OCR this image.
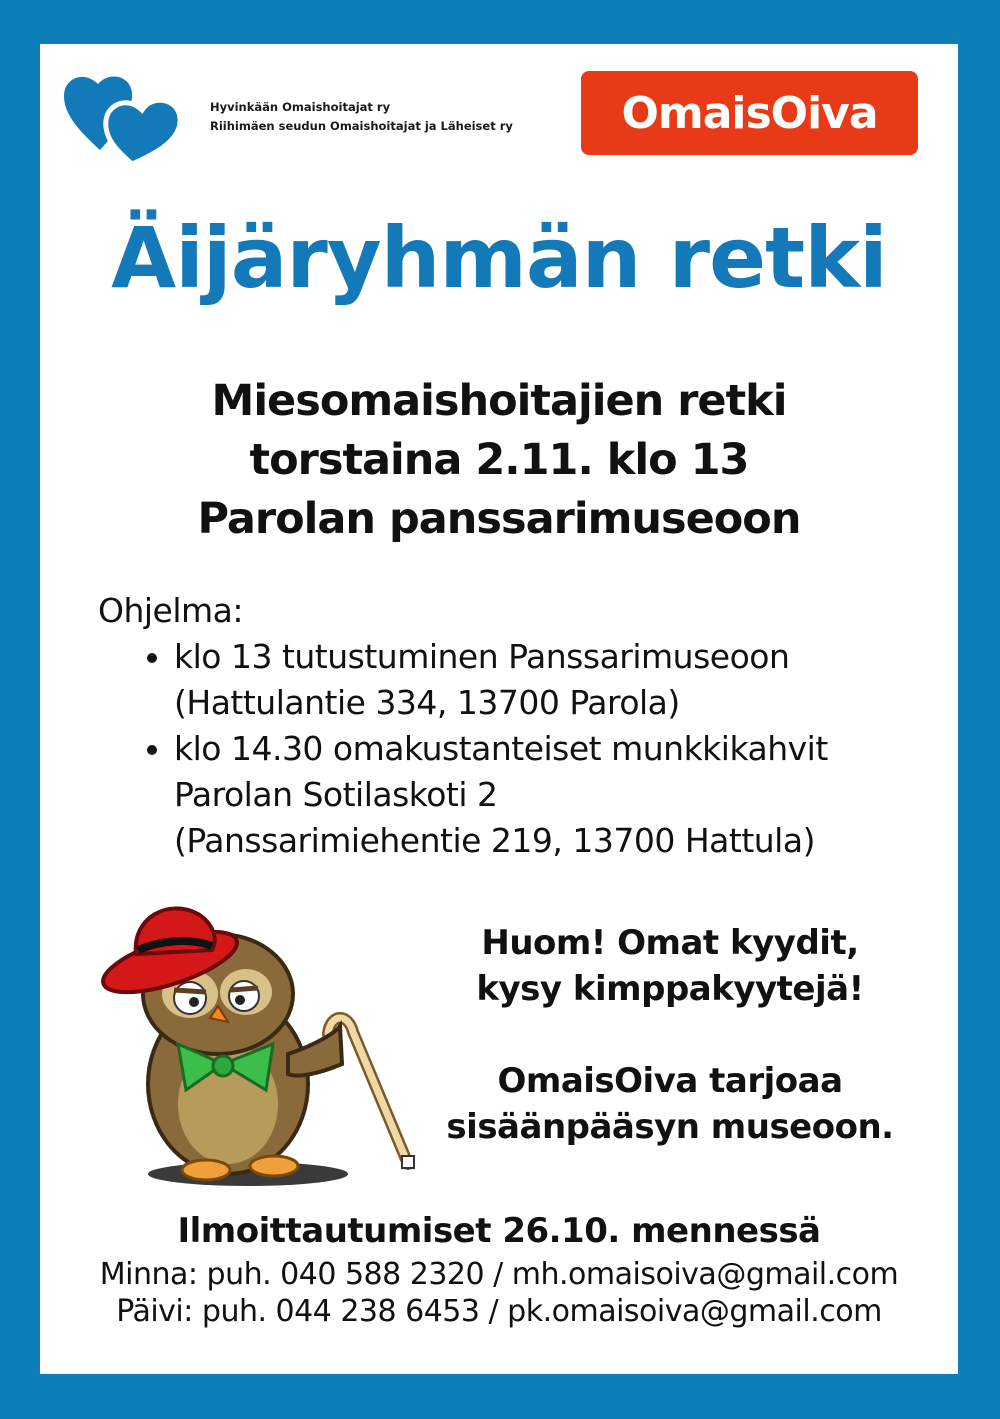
Hyvinkään Omaishoitajat ry
Riihimäen seudun Omaishoitajat ja Läheiset ry	OmaisOiva
Äijäryhmän retki
Miesomaishoitajien retki
torstaina 2.11. klo 13
Parolan panssarimuseoon
Ohjelma:
• klo 13 tutustuminen Panssarimuseoon
(Hattulantie 334, 13700 Parola)
• klo 14.30 omakustanteiset munkkikahvit
Parolan Sotilaskoti 2
(Panssarimiehentie 219, 13700 Hattula)

Huom! Omat kyydit,
kysy kimppakyytejä!

OmaisOiva tarjoaa
sisäänpääsyn museoon.

Ilmoittautumiset 26.10. mennessä
Minna: puh. 040 588 2320 / mh.omaisoiva@gmail.com
Päivi: puh. 044 238 6453 / pk.omaisoiva@gmail.com
